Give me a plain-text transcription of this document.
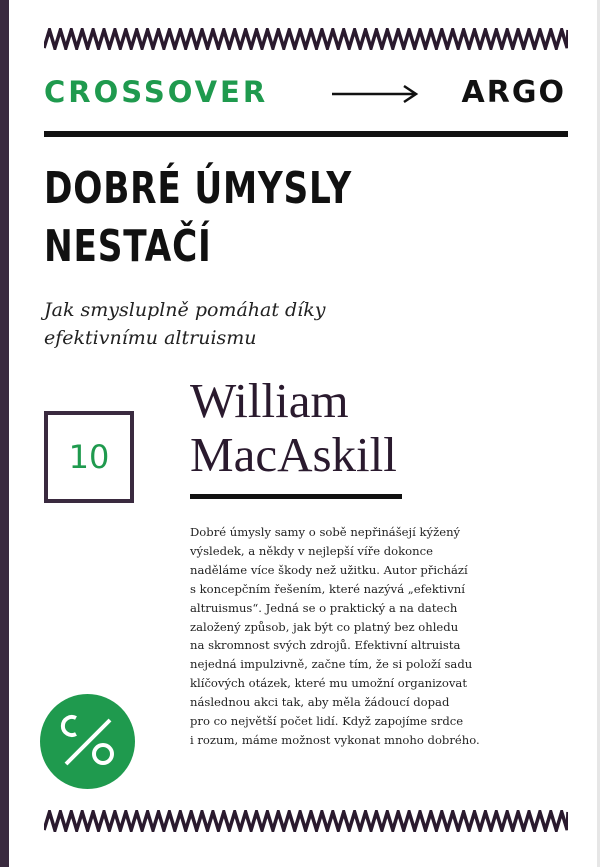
CROSSOVER	ARGO
DOBRÉ ÚMYSLY
NESTAČÍ
Jak smysluplně pomáhat díky
efektivnímu altruismu
10
William
MacAskill
Dobré úmysly samy o sobě nepřinášejí kýžený
výsledek, a někdy v nejlepší víře dokonce
naděláme více škody než užitku. Autor přichází
s koncepčním řešením, které nazývá „efektivní
altruismus“. Jedná se o praktický a na datech
založený způsob, jak být co platný bez ohledu
na skromnost svých zdrojů. Efektivní altruista
nejedná impulzivně, začne tím, že si položí sadu
klíčových otázek, které mu umožní organizovat
následnou akci tak, aby měla žádoucí dopad
pro co největší počet lidí. Když zapojíme srdce
i rozum, máme možnost vykonat mnoho dobrého.
